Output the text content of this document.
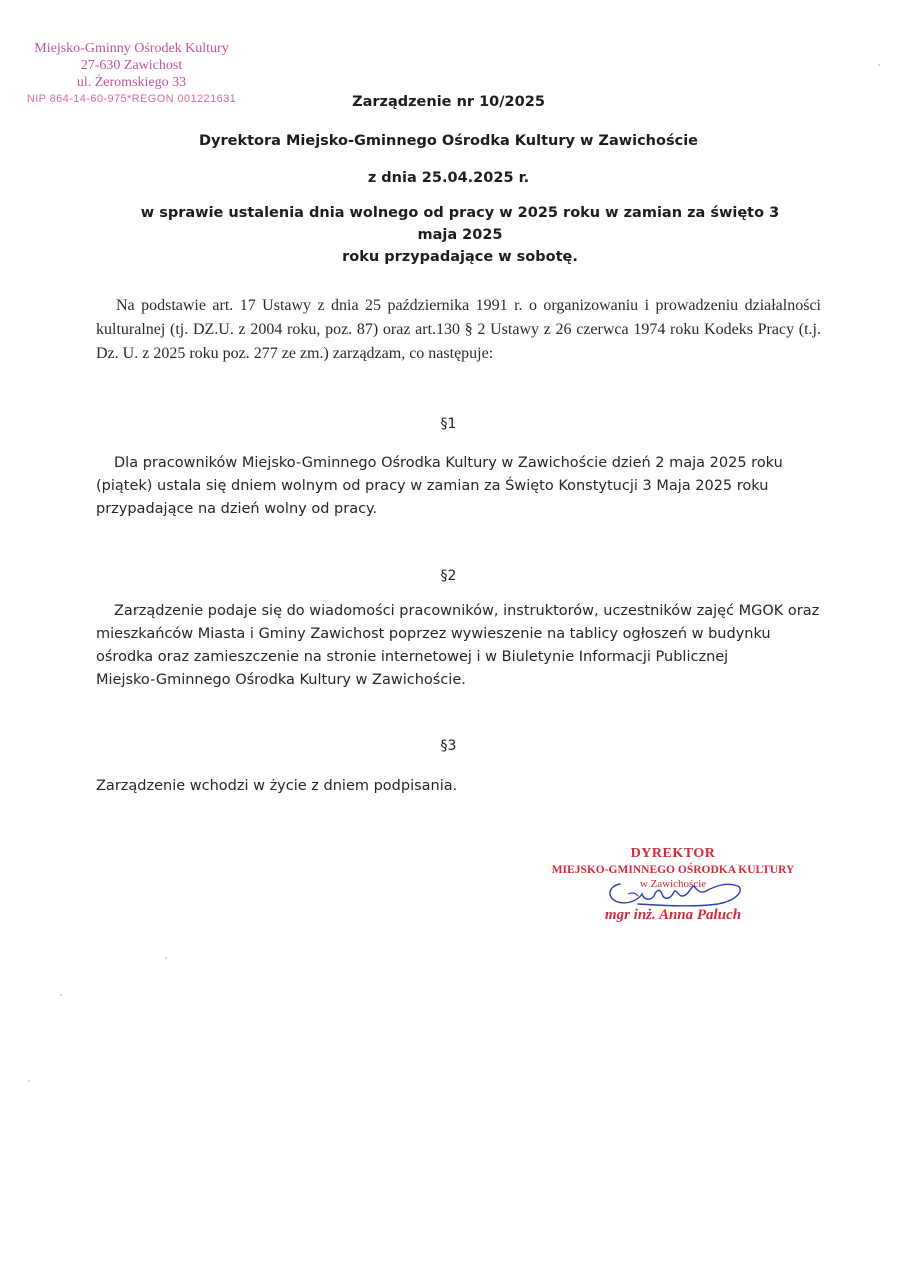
Miejsko-Gminny Ośrodek Kultury
27-630 Zawichost
ul. Żeromskiego 33
NIP 864-14-60-975*REGON 001221631	Zarządzenie nr 10/2025
Dyrektora Miejsko-Gminnego Ośrodka Kultury w Zawichoście
z dnia 25.04.2025 r.
w sprawie ustalenia dnia wolnego od pracy w 2025 roku w zamian za święto 3 maja 2025
roku przypadające w sobotę.
Na podstawie art. 17 Ustawy z dnia 25 października 1991 r. o organizowaniu i prowadzeniu działalności kulturalnej (tj. DZ.U. z 2004 roku, poz. 87) oraz art.130 § 2 Ustawy z 26 czerwca 1974 roku Kodeks Pracy (t.j. Dz. U. z 2025 roku poz. 277 ze zm.) zarządzam, co następuje:
§1
Dla pracowników Miejsko-Gminnego Ośrodka Kultury w Zawichoście dzień 2 maja 2025 roku
(piątek) ustala się dniem wolnym od pracy w zamian za Święto Konstytucji 3 Maja 2025 roku
przypadające na dzień wolny od pracy.
§2
Zarządzenie podaje się do wiadomości pracowników, instruktorów, uczestników zajęć MGOK oraz
mieszkańców Miasta i Gminy Zawichost poprzez wywieszenie na tablicy ogłoszeń w budynku
ośrodka oraz zamieszczenie na stronie internetowej i w Biuletynie Informacji Publicznej
Miejsko-Gminnego Ośrodka Kultury w Zawichoście.
§3
Zarządzenie wchodzi w życie z dniem podpisania.
DYREKTOR
MIEJSKO-GMINNEGO OŚRODKA KULTURY
w Zawichoście
mgr inż. Anna Paluch
